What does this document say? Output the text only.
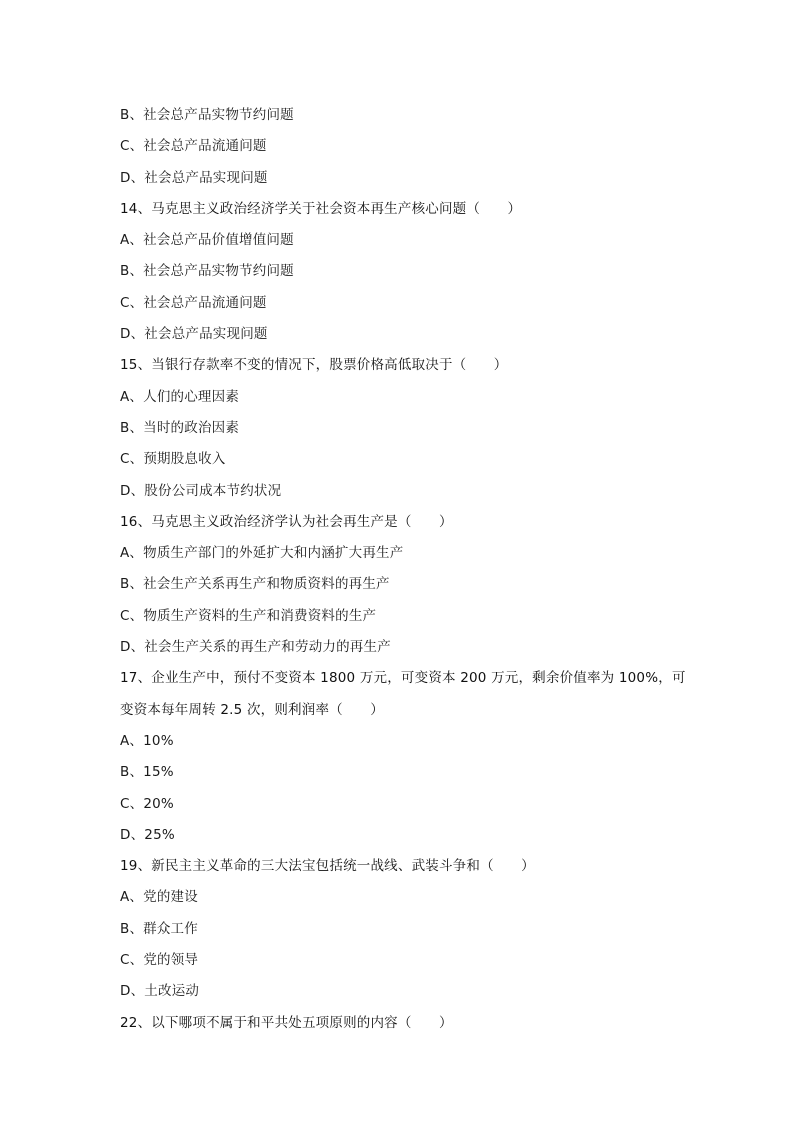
B、社会总产品实物节约问题
C、社会总产品流通问题
D、社会总产品实现问题
14、马克思主义政治经济学关于社会资本再生产核心问题（　　）
A、社会总产品价值增值问题
B、社会总产品实物节约问题
C、社会总产品流通问题
D、社会总产品实现问题
15、当银行存款率不变的情况下，股票价格高低取决于（　　）
A、人们的心理因素
B、当时的政治因素
C、预期股息收入
D、股份公司成本节约状况
16、马克思主义政治经济学认为社会再生产是（　　）
A、物质生产部门的外延扩大和内涵扩大再生产
B、社会生产关系再生产和物质资料的再生产
C、物质生产资料的生产和消费资料的生产
D、社会生产关系的再生产和劳动力的再生产
17、企业生产中，预付不变资本 1800 万元，可变资本 200 万元，剩余价值率为 100%，可
变资本每年周转 2.5 次，则利润率（　　）
A、10%
B、15%
C、20%
D、25%
19、新民主主义革命的三大法宝包括统一战线、武装斗争和（　　）
A、党的建设
B、群众工作
C、党的领导
D、土改运动
22、以下哪项不属于和平共处五项原则的内容（　　）
